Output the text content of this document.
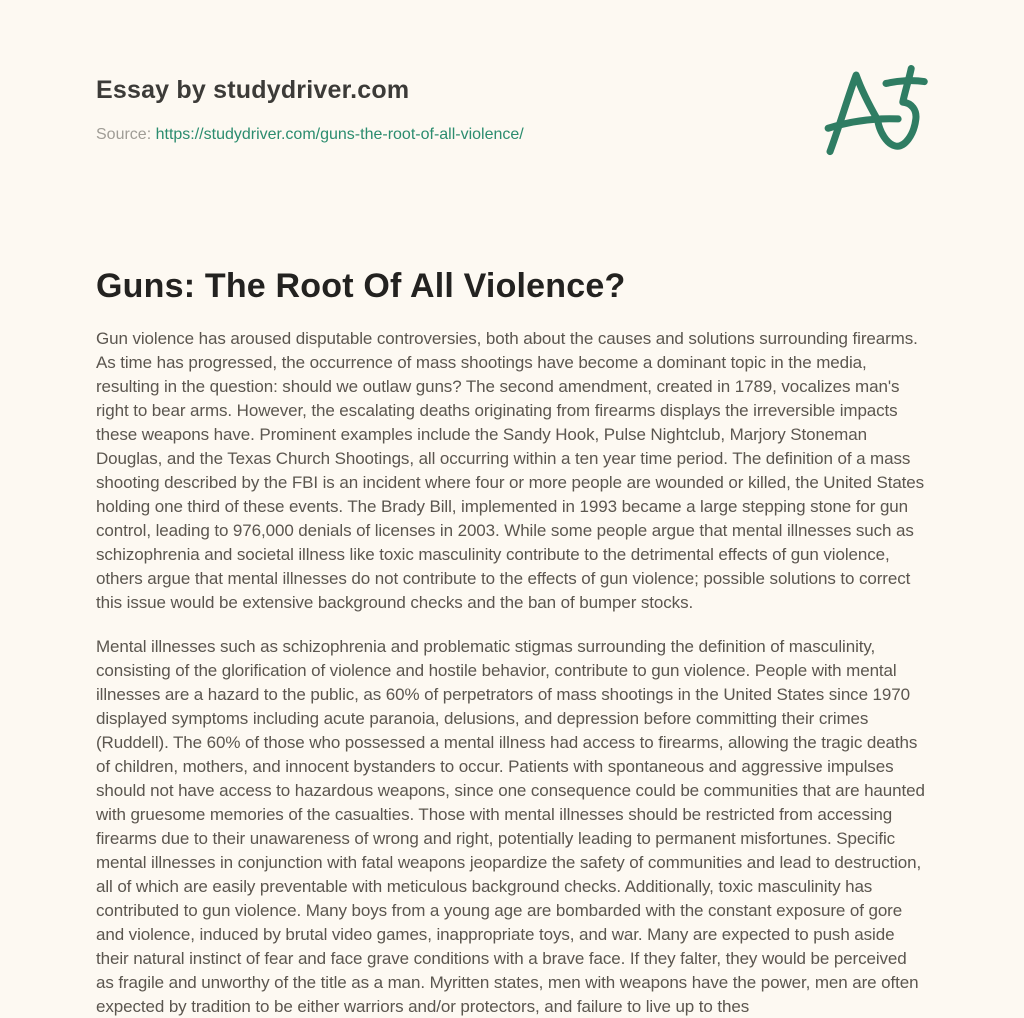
Essay by studydriver.com
Source: https://studydriver.com/guns-the-root-of-all-violence/
Guns: The Root Of All Violence?

Gun violence has aroused disputable controversies, both about the causes and solutions surrounding firearms. As time has progressed, the occurrence of mass shootings have become a dominant topic in the media, resulting in the question: should we outlaw guns? The second amendment, created in 1789, vocalizes man's right to bear arms. However, the escalating deaths originating from firearms displays the irreversible impacts these weapons have. Prominent examples include the Sandy Hook, Pulse Nightclub, Marjory Stoneman Douglas, and the Texas Church Shootings, all occurring within a ten year time period. The definition of a mass shooting described by the FBI is an incident where four or more people are wounded or killed, the United States holding one third of these events. The Brady Bill, implemented in 1993 became a large stepping stone for gun control, leading to 976,000 denials of licenses in 2003. While some people argue that mental illnesses such as schizophrenia and societal illness like toxic masculinity contribute to the detrimental effects of gun violence, others argue that mental illnesses do not contribute to the effects of gun violence; possible solutions to correct this issue would be extensive background checks and the ban of bumper stocks.

Mental illnesses such as schizophrenia and problematic stigmas surrounding the definition of masculinity, consisting of the glorification of violence and hostile behavior, contribute to gun violence. People with mental illnesses are a hazard to the public, as 60% of perpetrators of mass shootings in the United States since 1970 displayed symptoms including acute paranoia, delusions, and depression before committing their crimes (Ruddell). The 60% of those who possessed a mental illness had access to firearms, allowing the tragic deaths of children, mothers, and innocent bystanders to occur. Patients with spontaneous and aggressive impulses should not have access to hazardous weapons, since one consequence could be communities that are haunted with gruesome memories of the casualties. Those with mental illnesses should be restricted from accessing firearms due to their unawareness of wrong and right, potentially leading to permanent misfortunes. Specific mental illnesses in conjunction with fatal weapons jeopardize the safety of communities and lead to destruction, all of which are easily preventable with meticulous background checks. Additionally, toxic masculinity has contributed to gun violence. Many boys from a young age are bombarded with the constant exposure of gore and violence, induced by brutal video games, inappropriate toys, and war. Many are expected to push aside their natural instinct of fear and face grave conditions with a brave face. If they falter, they would be perceived as fragile and unworthy of the title as a man. Myritten states, men with weapons have the power, men are often expected by tradition to be either warriors and/or protectors, and failure to live up to thes
